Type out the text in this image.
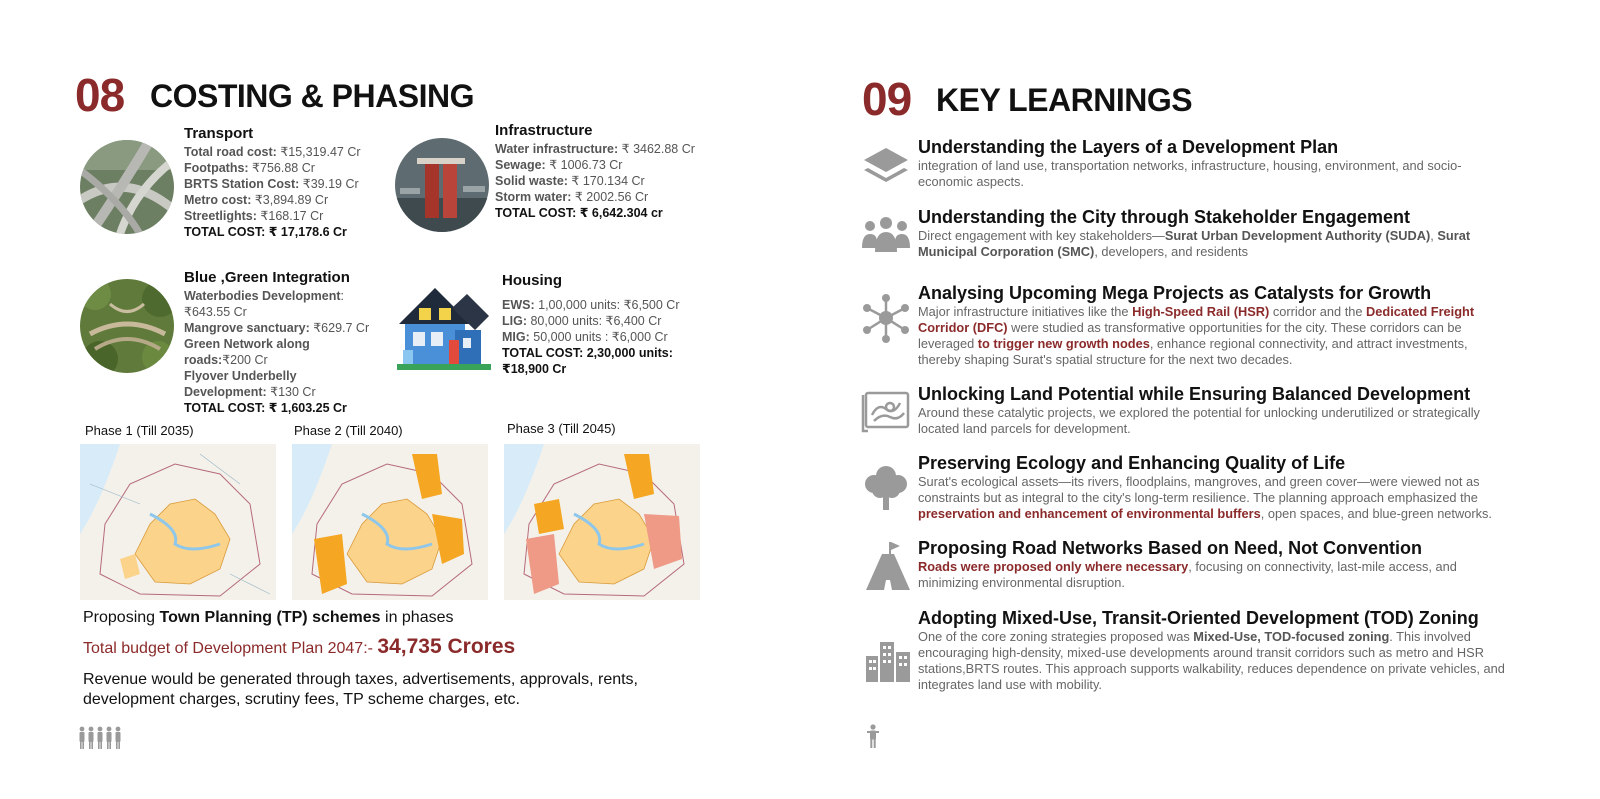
08 COSTING & PHASING
Transport
Total road cost: ₹15,319.47 Cr
Footpaths: ₹756.88 Cr
BRTS Station Cost: ₹39.19 Cr
Metro cost: ₹3,894.89 Cr
Streetlights: ₹168.17 Cr
TOTAL COST: ₹ 17,178.6 Cr
Infrastructure
Water infrastructure: ₹ 3462.88 Cr
Sewage: ₹ 1006.73 Cr
Solid waste: ₹ 170.134 Cr
Storm water: ₹ 2002.56 Cr
TOTAL COST: ₹ 6,642.304 cr
Blue ,Green Integration
Waterbodies Development:
₹643.55 Cr
Mangrove sanctuary: ₹629.7 Cr
Green Network along
roads:₹200 Cr
Flyover Underbelly
Development: ₹130 Cr
TOTAL COST: ₹ 1,603.25 Cr
Housing
EWS: 1,00,000 units: ₹6,500 Cr
LIG: 80,000 units: ₹6,400 Cr
MIG: 50,000 units : ₹6,000 Cr
TOTAL COST: 2,30,000 units:
₹18,900 Cr
Phase 1 (Till 2035)	Phase 2 (Till 2040)	Phase 3 (Till 2045)
Proposing Town Planning (TP) schemes in phases
Total budget of Development Plan 2047:- 34,735 Crores
Revenue would be generated through taxes, advertisements, approvals, rents,
development charges, scrutiny fees, TP scheme charges, etc.
09 KEY LEARNINGS
Understanding the Layers of a Development Plan
integration of land use, transportation networks, infrastructure, housing, environment, and socio-economic aspects.
Understanding the City through Stakeholder Engagement
Direct engagement with key stakeholders—Surat Urban Development Authority (SUDA), Surat Municipal Corporation (SMC), developers, and residents
Analysing Upcoming Mega Projects as Catalysts for Growth
Major infrastructure initiatives like the High-Speed Rail (HSR) corridor and the Dedicated Freight Corridor (DFC) were studied as transformative opportunities for the city. These corridors can be leveraged to trigger new growth nodes, enhance regional connectivity, and attract investments, thereby shaping Surat's spatial structure for the next two decades.
Unlocking Land Potential while Ensuring Balanced Development
Around these catalytic projects, we explored the potential for unlocking underutilized or strategically located land parcels for development.
Preserving Ecology and Enhancing Quality of Life
Surat's ecological assets—its rivers, floodplains, mangroves, and green cover—were viewed not as constraints but as integral to the city's long-term resilience. The planning approach emphasized the preservation and enhancement of environmental buffers, open spaces, and blue-green networks.
Proposing Road Networks Based on Need, Not Convention
Roads were proposed only where necessary, focusing on connectivity, last-mile access, and minimizing environmental disruption.
Adopting Mixed-Use, Transit-Oriented Development (TOD) Zoning
One of the core zoning strategies proposed was Mixed-Use, TOD-focused zoning. This involved encouraging high-density, mixed-use developments around transit corridors such as metro and HSR stations,BRTS routes. This approach supports walkability, reduces dependence on private vehicles, and integrates land use with mobility.
